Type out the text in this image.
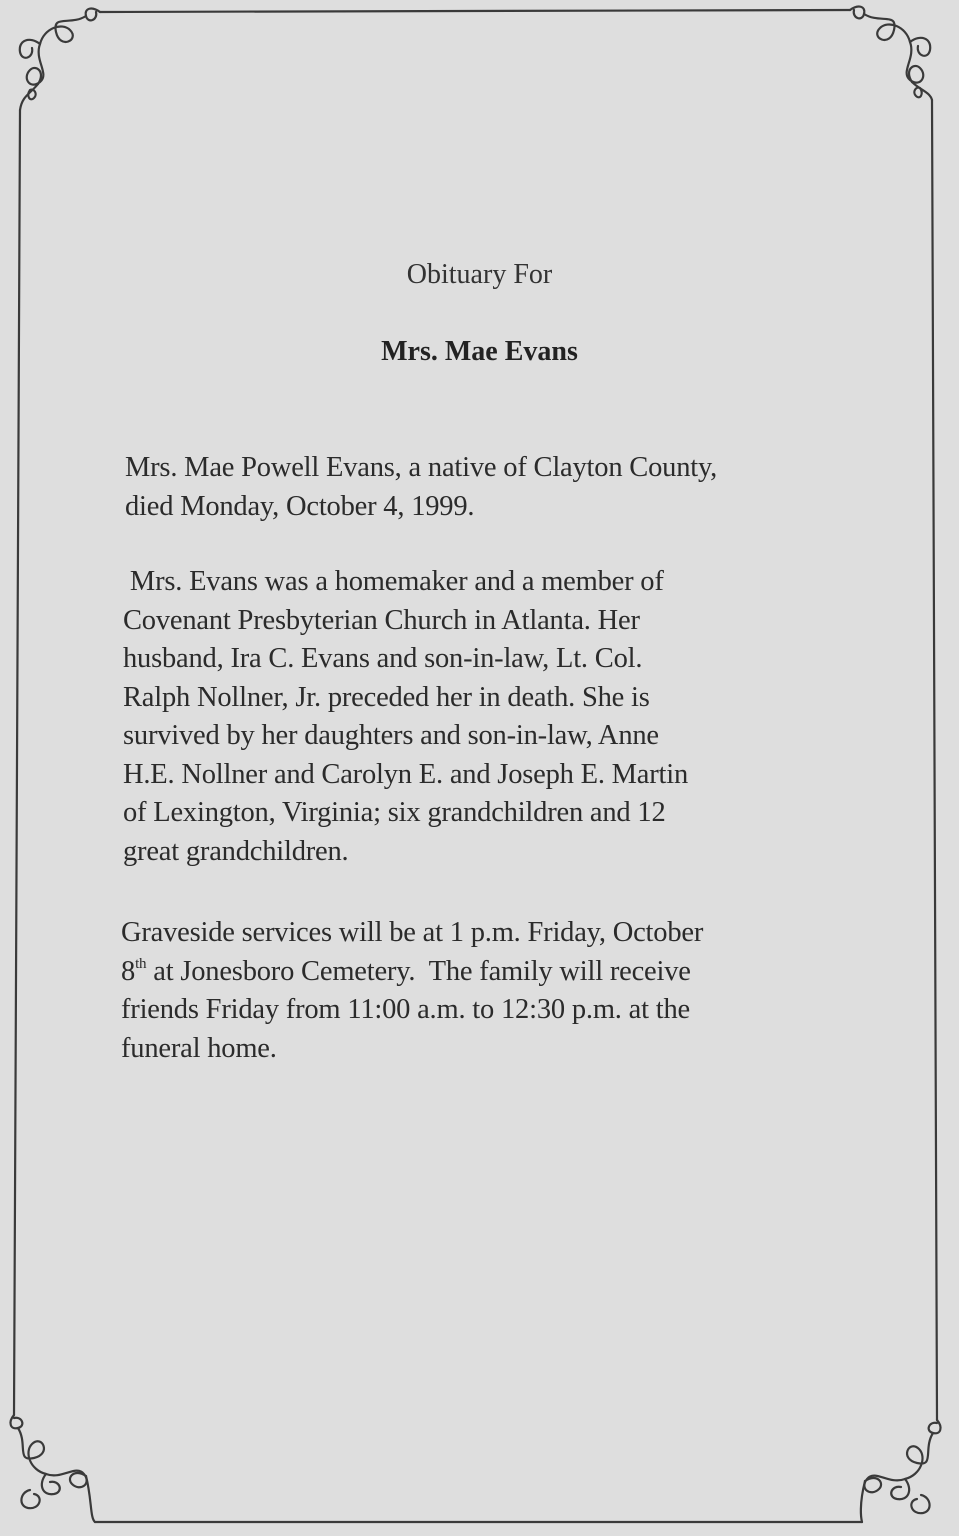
Obituary For
Mrs. Mae Evans
Mrs. Mae Powell Evans, a native of Clayton County,
died Monday, October 4, 1999.
Mrs. Evans was a homemaker and a member of
Covenant Presbyterian Church in Atlanta. Her
husband, Ira C. Evans and son-in-law, Lt. Col.
Ralph Nollner, Jr. preceded her in death. She is
survived by her daughters and son-in-law, Anne
H.E. Nollner and Carolyn E. and Joseph E. Martin
of Lexington, Virginia; six grandchildren and 12
great grandchildren.
Graveside services will be at 1 p.m. Friday, October
8th at Jonesboro Cemetery.  The family will receive
friends Friday from 11:00 a.m. to 12:30 p.m. at the
funeral home.
